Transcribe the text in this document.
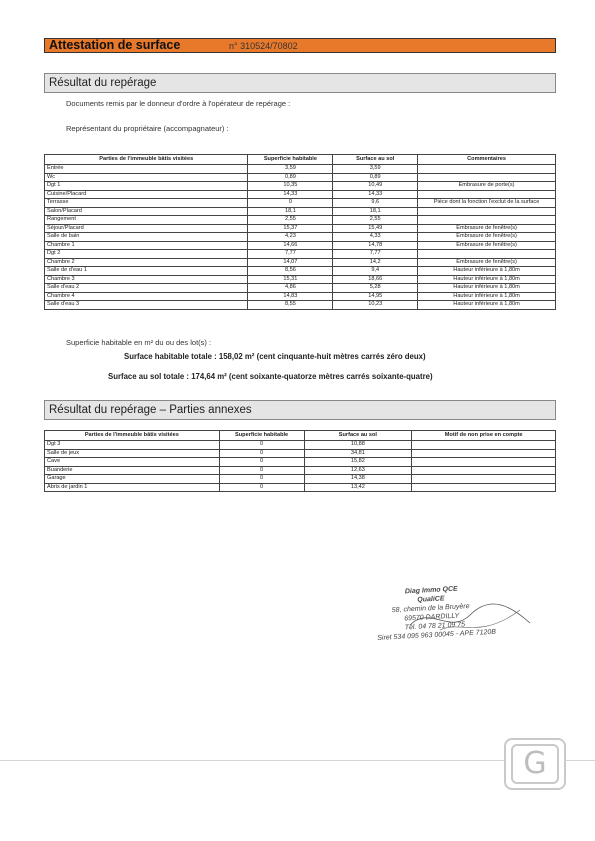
Attestation de surface	n° 310524/70802
Résultat du repérage
Documents remis par le donneur d'ordre à l'opérateur de repérage :
Représentant du propriétaire (accompagnateur) :
Parties de l'immeuble bâtis visitées	Superficie habitable	Surface au sol	Commentaires
Entrée	3,59	3,59	
Wc	0,89	0,89	
Dgt 1	10,35	10,49	Embrasure de porte(s)
Cuisine/Placard	14,33	14,33	
Terrasse	0	9,6	Pièce dont la fonction l'exclut de la surface
Salon/Placard	18,1	18,1	
Rangement	2,55	2,55	
Séjour/Placard	15,37	15,49	Embrasure de fenêtre(s)
Salle de bain	4,23	4,33	Embrasure de fenêtre(s)
Chambre 1	14,66	14,78	Embrasure de fenêtre(s)
Dgt 2	7,77	7,77	
Chambre 2	14,07	14,2	Embrasure de fenêtre(s)
Salle de d'eau 1	8,56	9,4	Hauteur inférieure à 1,80m
Chambre 3	15,31	18,66	Hauteur inférieure à 1,80m
Salle d'eau 2	4,86	5,28	Hauteur inférieure à 1,80m
Chambre 4	14,83	14,95	Hauteur inférieure à 1,80m
Salle d'eau 3	8,55	10,23	Hauteur inférieure à 1,80m
Superficie habitable en m² du ou des lot(s) :
Surface habitable totale : 158,02 m² (cent cinquante-huit mètres carrés zéro deux)
Surface au sol totale : 174,64 m² (cent soixante-quatorze mètres carrés soixante-quatre)
Résultat du repérage – Parties annexes
Parties de l'immeuble bâtis visitées	Superficie habitable	Surface au sol	Motif de non prise en compte
Dgt 3	0	10,88	
Salle de jeux	0	34,81	
Cave	0	15,82	
Buanderie	0	12,63	
Garage	0	14,38	
Abris de jardin 1	0	13,42	
Diag Immo QCE
QualiCE
58, chemin de la Bruyère
69570 DARDILLY
Tél. 04 78 21 09 75
Siret 534 095 963 00045 - APE 7120B
G
